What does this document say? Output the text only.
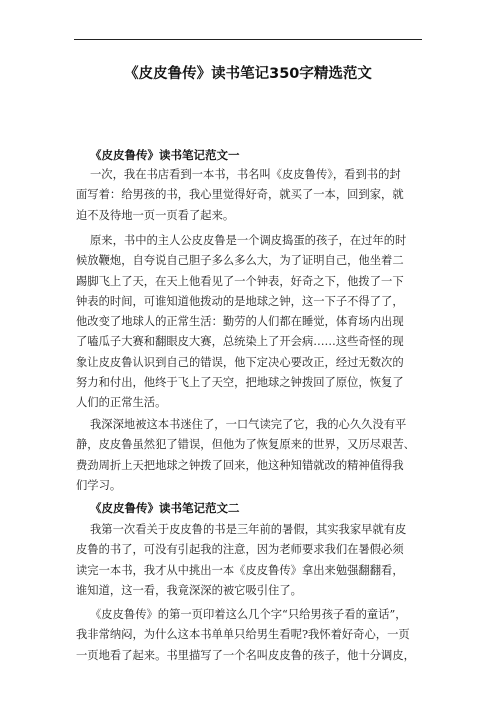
《皮皮鲁传》读书笔记350字精选范文
《皮皮鲁传》读书笔记范文一
一次，我在书店看到一本书，书名叫《皮皮鲁传》，看到书的封
面写着：给男孩的书，我心里觉得好奇，就买了一本，回到家，就
迫不及待地一页一页看了起来。
原来，书中的主人公皮皮鲁是一个调皮捣蛋的孩子，在过年的时
候放鞭炮，自夸说自己胆子多么多么大，为了证明自己，他坐着二
踢脚飞上了天，在天上他看见了一个钟表，好奇之下，他拨了一下
钟表的时间，可谁知道他拨动的是地球之钟，这一下子不得了了，
他改变了地球人的正常生活：勤劳的人们都在睡觉，体育场内出现
了嗑瓜子大赛和翻眼皮大赛，总统染上了开会病……这些奇怪的现
象让皮皮鲁认识到自己的错误，他下定决心要改正，经过无数次的
努力和付出，他终于飞上了天空，把地球之钟拨回了原位，恢复了
人们的正常生活。
我深深地被这本书迷住了，一口气读完了它，我的心久久没有平
静，皮皮鲁虽然犯了错误，但他为了恢复原来的世界，又历尽艰苦、
费劲周折上天把地球之钟拨了回来，他这种知错就改的精神值得我
们学习。
《皮皮鲁传》读书笔记范文二
我第一次看关于皮皮鲁的书是三年前的暑假，其实我家早就有皮
皮鲁的书了，可没有引起我的注意，因为老师要求我们在暑假必须
读完一本书，我才从中挑出一本《皮皮鲁传》拿出来勉强翻翻看，
谁知道，这一看，我竟深深的被它吸引住了。
《皮皮鲁传》的第一页印着这么几个字“只给男孩子看的童话”，
我非常纳闷，为什么这本书单单只给男生看呢?我怀着好奇心，一页
一页地看了起来。书里描写了一个名叫皮皮鲁的孩子，他十分调皮，
